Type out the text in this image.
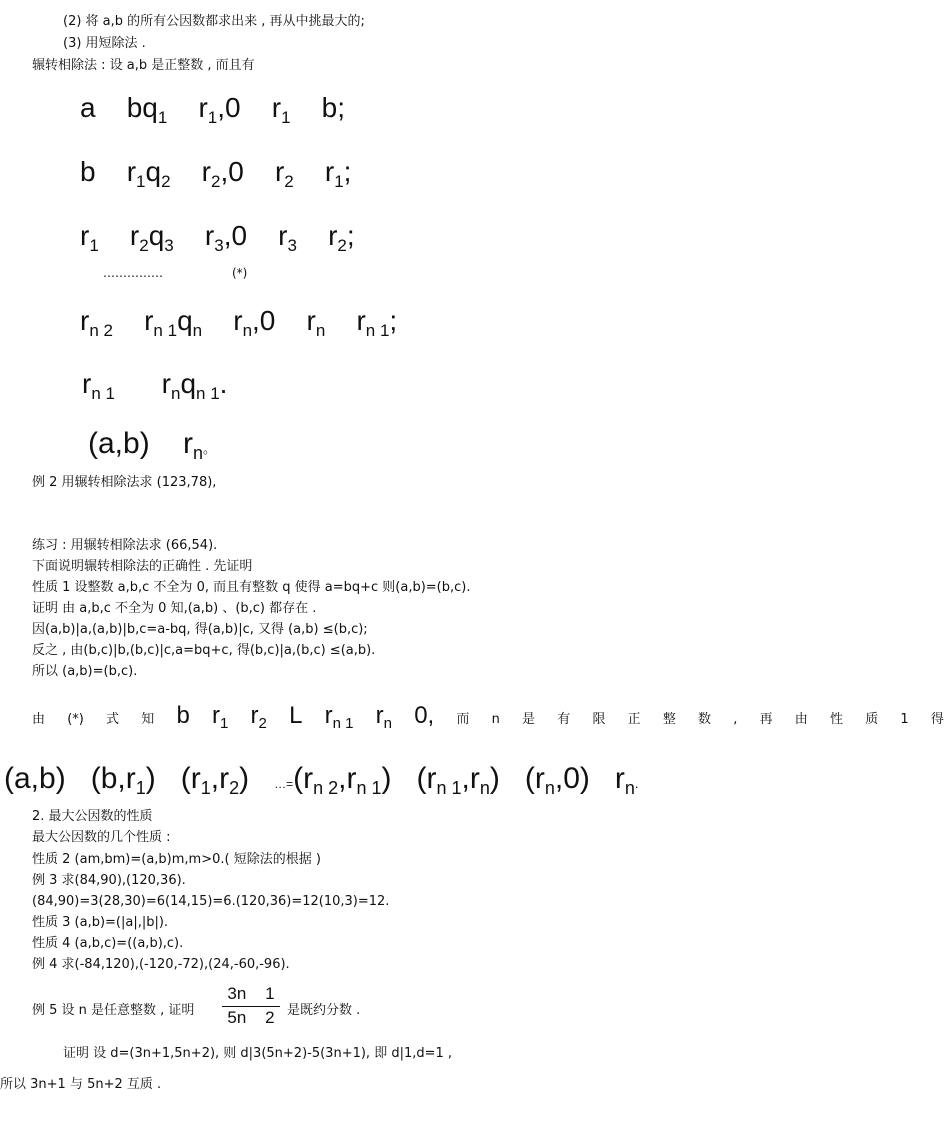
(2) 将 a,b 的所有公因数都求出来 , 再从中挑最大的;
(3) 用短除法 .
辗转相除法 : 设 a,b 是正整数 , 而且有
a $bq_1$ $r_1,0$ $r_1$ b;
b $r_1q_2$ $r_2,0$ $r_2$ $r_1$;
$r_1$ $r_2q_3$ $r_3,0$ $r_3$ $r_2$;
……………	(*)
$r_{n 2}$ $r_{n 1}q_n$ $r_n,0$ $r_n$ $r_{n 1}$;
$r_{n 1}$ $r_nq_{n 1}$.
(a,b) $r_n$。
例 2 用辗转相除法求 (123,78),
练习 : 用辗转相除法求 (66,54).
下面说明辗转相除法的正确性 . 先证明
性质 1 设整数 a,b,c 不全为 0, 而且有整数 q 使得 a=bq+c 则(a,b)=(b,c).
证明 由 a,b,c 不全为 0 知,(a,b) 、(b,c) 都存在 .
因(a,b)|a,(a,b)|b,c=a-bq, 得(a,b)|c, 又得 (a,b) ≤(b,c);
反之 , 由(b,c)|b,(b,c)|c,a=bq+c, 得(b,c)|a,(b,c) ≤(a,b).
所以 (a,b)=(b,c).
由 (*) 式 知 b $r_1$ $r_2$ L $r_{n 1}$ $r_n$ 0, 而 n 是 有 限 正 整 数 , 再 由 性 质 1 得
(a,b) $(b,r_1)$ $(r_1,r_2)$ $\dots=(r_{n 2},r_{n 1})$ $(r_{n 1},r_n)$ $(r_n,0)$ $r_n$.
2. 最大公因数的性质
最大公因数的几个性质 :
性质 2 (am,bm)=(a,b)m,m>0.( 短除法的根据 )
例 3 求(84,90),(120,36).
(84,90)=3(28,30)=6(14,15)=6.(120,36)=12(10,3)=12.
性质 3 (a,b)=(|a|,|b|).
性质 4 (a,b,c)=((a,b),c).
例 4 求(-84,120),(-120,-72),(24,-60,-96).
例 5 设 n 是任意整数 , 证明 $\frac{3n 1}{5n 2}$ 是既约分数 .
证明 设 d=(3n+1,5n+2), 则 d|3(5n+2)-5(3n+1), 即 d|1,d=1 ,
所以 3n+1 与 5n+2 互质 .
